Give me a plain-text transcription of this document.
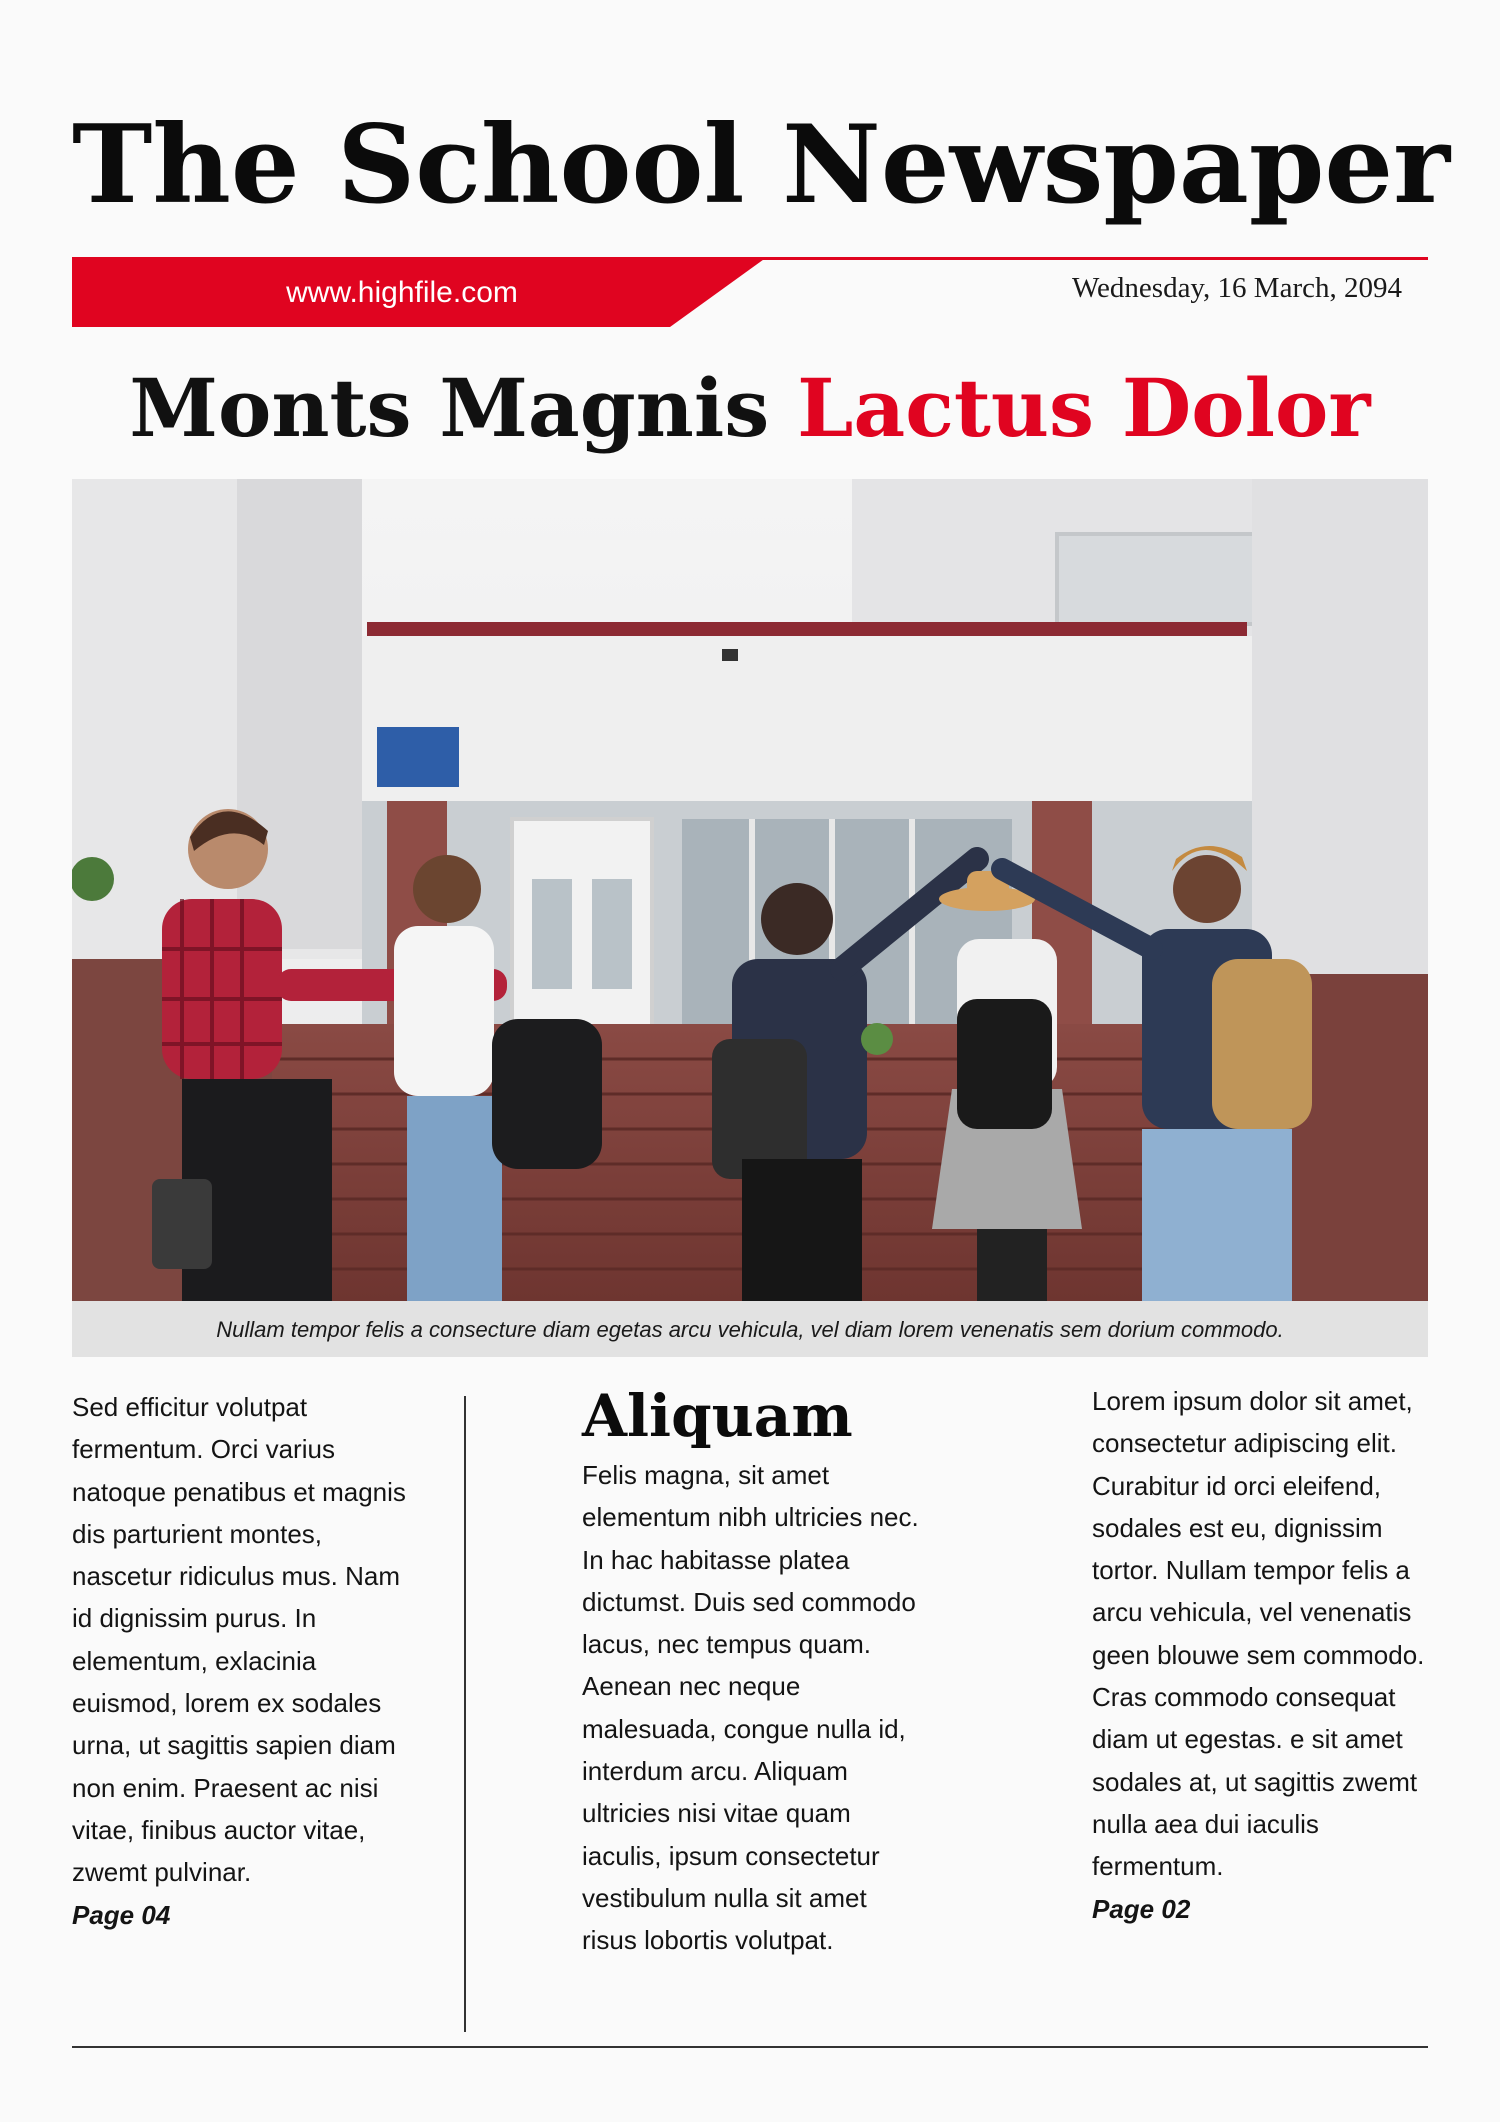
The School Newspaper
www.highfile.com	Wednesday, 16 March, 2094
Monts Magnis Lactus Dolor
Nullam tempor felis a consecture diam egetas arcu vehicula, vel diam lorem venenatis sem dorium commodo.

Sed efficitur volutpat fermentum. Orci varius natoque penatibus et magnis dis parturient montes, nascetur ridiculus mus. Nam id dignissim purus. In elementum, exlacinia euismod, lorem ex sodales urna, ut sagittis sapien diam non enim. Praesent ac nisi vitae, finibus auctor vitae, zwemt pulvinar.

Page 04

Aliquam

Felis magna, sit amet elementum nibh ultricies nec. In hac habitasse platea dictumst. Duis sed commodo lacus, nec tempus quam. Aenean nec neque malesuada, congue nulla id, interdum arcu. Aliquam ultricies nisi vitae quam iaculis, ipsum consectetur vestibulum nulla sit amet risus lobortis volutpat.

Lorem ipsum dolor sit amet, consectetur adipiscing elit. Curabitur id orci eleifend, sodales est eu, dignissim tortor. Nullam tempor felis a arcu vehicula, vel venenatis geen blouwe sem commodo. Cras commodo consequat diam ut egestas. e sit amet sodales at, ut sagittis zwemt nulla aea dui iaculis fermentum.

Page 02
